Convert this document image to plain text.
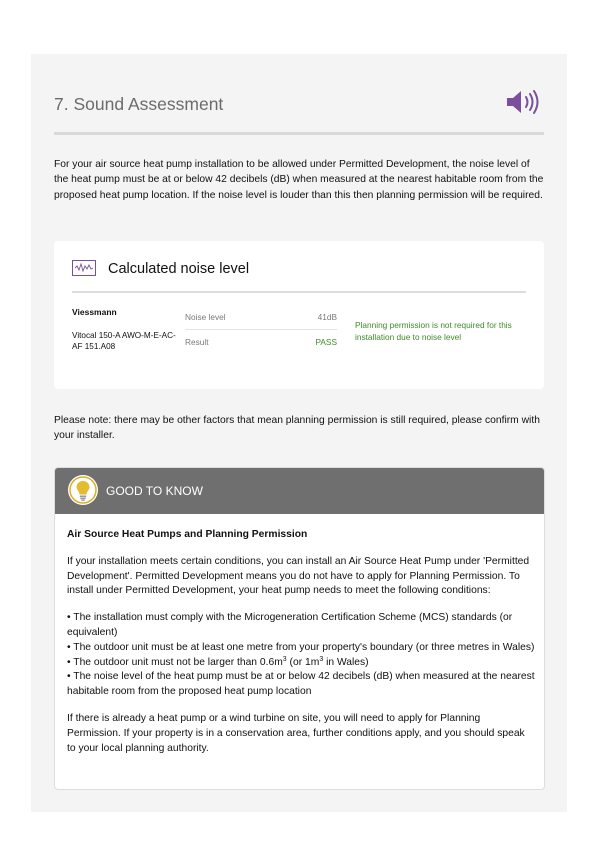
7. Sound Assessment
For your air source heat pump installation to be allowed under Permitted Development, the noise level of the heat pump must be at or below 42 decibels (dB) when measured at the nearest habitable room from the proposed heat pump location. If the noise level is louder than this then planning permission will be required.
Calculated noise level
Viessmann
Vitocal 150-A AWO-M-E-AC-AF 151.A08
Noise level	41dB
Result	PASS
Planning permission is not required for this installation due to noise level
Please note: there may be other factors that mean planning permission is still required, please confirm with your installer.
GOOD TO KNOW

Air Source Heat Pumps and Planning Permission

If your installation meets certain conditions, you can install an Air Source Heat Pump under 'Permitted Development'. Permitted Development means you do not have to apply for Planning Permission. To install under Permitted Development, your heat pump needs to meet the following conditions:

• The installation must comply with the Microgeneration Certification Scheme (MCS) standards (or equivalent)

• The outdoor unit must be at least one metre from your property's boundary (or three metres in Wales)

• The outdoor unit must not be larger than $0.6m^3$ (or $1m^3$ in Wales)

• The noise level of the heat pump must be at or below 42 decibels (dB) when measured at the nearest habitable room from the proposed heat pump location

If there is already a heat pump or a wind turbine on site, you will need to apply for Planning Permission. If your property is in a conservation area, further conditions apply, and you should speak to your local planning authority.
